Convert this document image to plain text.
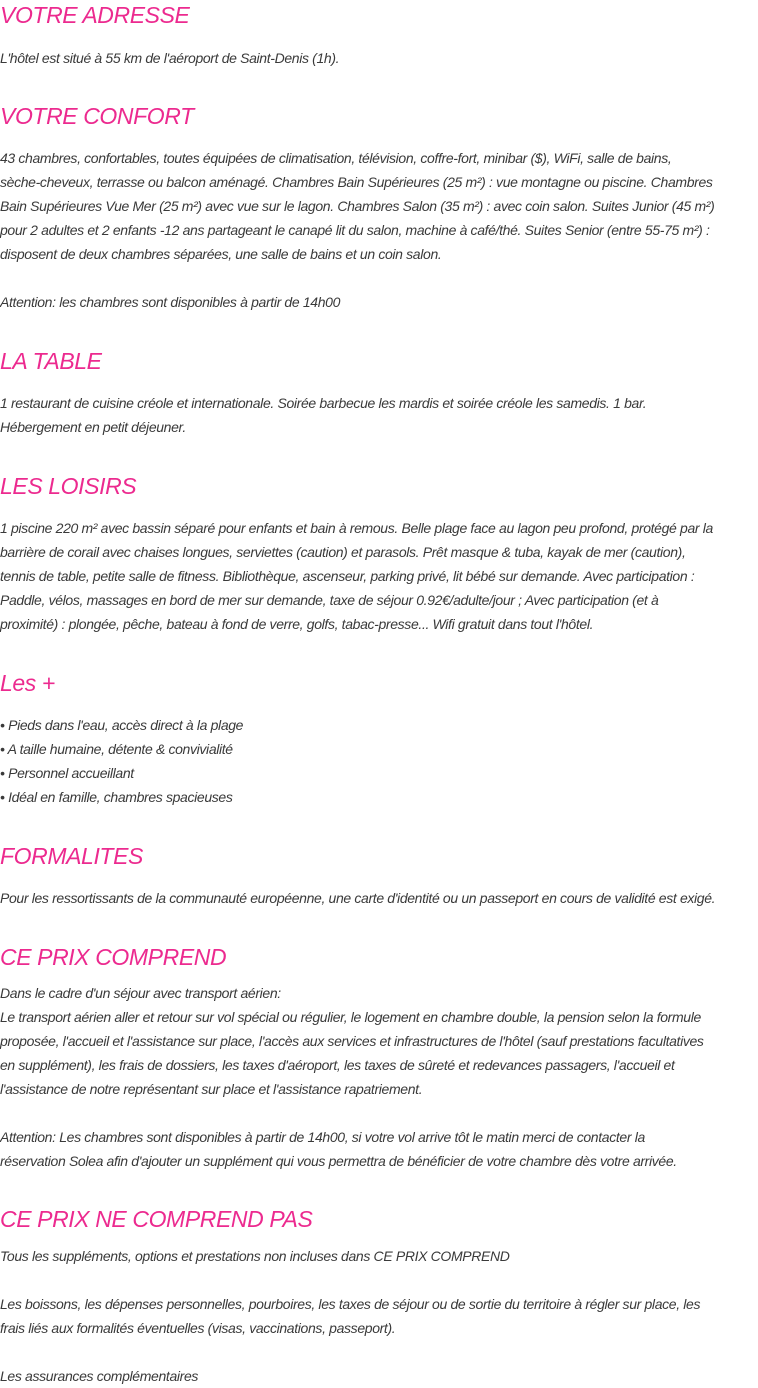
VOTRE ADRESSE
L'hôtel est situé à 55 km de l'aéroport de Saint-Denis (1h).
VOTRE CONFORT
43 chambres, confortables, toutes équipées de climatisation, télévision, coffre-fort, minibar ($), WiFi, salle de bains,
sèche-cheveux, terrasse ou balcon aménagé. Chambres Bain Supérieures (25 m²) : vue montagne ou piscine. Chambres
Bain Supérieures Vue Mer (25 m²) avec vue sur le lagon. Chambres Salon (35 m²) : avec coin salon. Suites Junior (45 m²)
pour 2 adultes et 2 enfants -12 ans partageant le canapé lit du salon, machine à café/thé. Suites Senior (entre 55-75 m²) :
disposent de deux chambres séparées, une salle de bains et un coin salon.
Attention: les chambres sont disponibles à partir de 14h00
LA TABLE
1 restaurant de cuisine créole et internationale. Soirée barbecue les mardis et soirée créole les samedis. 1 bar.
Hébergement en petit déjeuner.
LES LOISIRS
1 piscine 220 m² avec bassin séparé pour enfants et bain à remous. Belle plage face au lagon peu profond, protégé par la
barrière de corail avec chaises longues, serviettes (caution) et parasols. Prêt masque & tuba, kayak de mer (caution),
tennis de table, petite salle de fitness. Bibliothèque, ascenseur, parking privé, lit bébé sur demande. Avec participation :
Paddle, vélos, massages en bord de mer sur demande, taxe de séjour 0.92€/adulte/jour ; Avec participation (et à
proximité) : plongée, pêche, bateau à fond de verre, golfs, tabac-presse... Wifi gratuit dans tout l'hôtel.
Les +
• Pieds dans l'eau, accès direct à la plage
• A taille humaine, détente & convivialité
• Personnel accueillant
• Idéal en famille, chambres spacieuses
FORMALITES
Pour les ressortissants de la communauté européenne, une carte d'identité ou un passeport en cours de validité est exigé.
CE PRIX COMPREND
Dans le cadre d'un séjour avec transport aérien:
Le transport aérien aller et retour sur vol spécial ou régulier, le logement en chambre double, la pension selon la formule
proposée, l'accueil et l'assistance sur place, l'accès aux services et infrastructures de l'hôtel (sauf prestations facultatives
en supplément), les frais de dossiers, les taxes d'aéroport, les taxes de sûreté et redevances passagers, l'accueil et
l'assistance de notre représentant sur place et l'assistance rapatriement.
Attention: Les chambres sont disponibles à partir de 14h00, si votre vol arrive tôt le matin merci de contacter la
réservation Solea afin d'ajouter un supplément qui vous permettra de bénéficier de votre chambre dès votre arrivée.
CE PRIX NE COMPREND PAS
Tous les suppléments, options et prestations non incluses dans CE PRIX COMPREND
Les boissons, les dépenses personnelles, pourboires, les taxes de séjour ou de sortie du territoire à régler sur place, les
frais liés aux formalités éventuelles (visas, vaccinations, passeport).
Les assurances complémentaires
